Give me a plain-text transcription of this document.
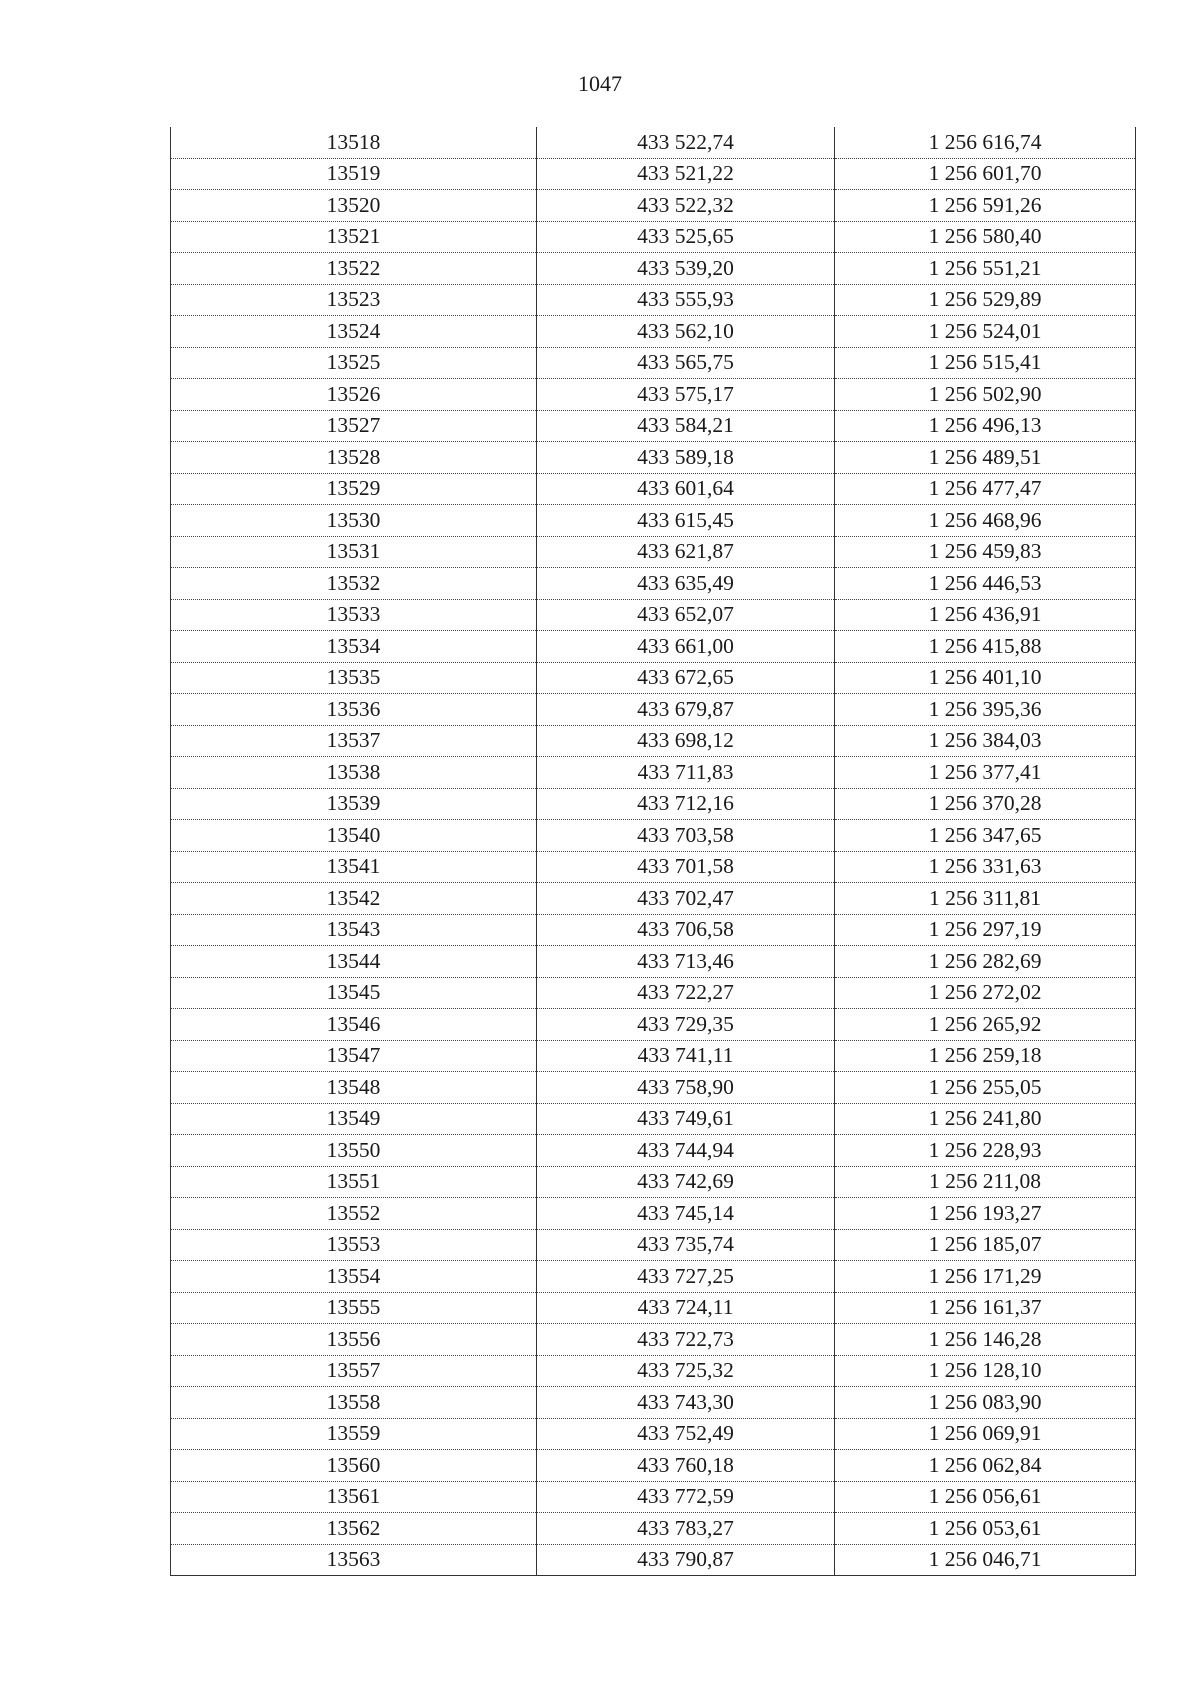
1047
13518	433 522,74	1 256 616,74
13519	433 521,22	1 256 601,70
13520	433 522,32	1 256 591,26
13521	433 525,65	1 256 580,40
13522	433 539,20	1 256 551,21
13523	433 555,93	1 256 529,89
13524	433 562,10	1 256 524,01
13525	433 565,75	1 256 515,41
13526	433 575,17	1 256 502,90
13527	433 584,21	1 256 496,13
13528	433 589,18	1 256 489,51
13529	433 601,64	1 256 477,47
13530	433 615,45	1 256 468,96
13531	433 621,87	1 256 459,83
13532	433 635,49	1 256 446,53
13533	433 652,07	1 256 436,91
13534	433 661,00	1 256 415,88
13535	433 672,65	1 256 401,10
13536	433 679,87	1 256 395,36
13537	433 698,12	1 256 384,03
13538	433 711,83	1 256 377,41
13539	433 712,16	1 256 370,28
13540	433 703,58	1 256 347,65
13541	433 701,58	1 256 331,63
13542	433 702,47	1 256 311,81
13543	433 706,58	1 256 297,19
13544	433 713,46	1 256 282,69
13545	433 722,27	1 256 272,02
13546	433 729,35	1 256 265,92
13547	433 741,11	1 256 259,18
13548	433 758,90	1 256 255,05
13549	433 749,61	1 256 241,80
13550	433 744,94	1 256 228,93
13551	433 742,69	1 256 211,08
13552	433 745,14	1 256 193,27
13553	433 735,74	1 256 185,07
13554	433 727,25	1 256 171,29
13555	433 724,11	1 256 161,37
13556	433 722,73	1 256 146,28
13557	433 725,32	1 256 128,10
13558	433 743,30	1 256 083,90
13559	433 752,49	1 256 069,91
13560	433 760,18	1 256 062,84
13561	433 772,59	1 256 056,61
13562	433 783,27	1 256 053,61
13563	433 790,87	1 256 046,71
